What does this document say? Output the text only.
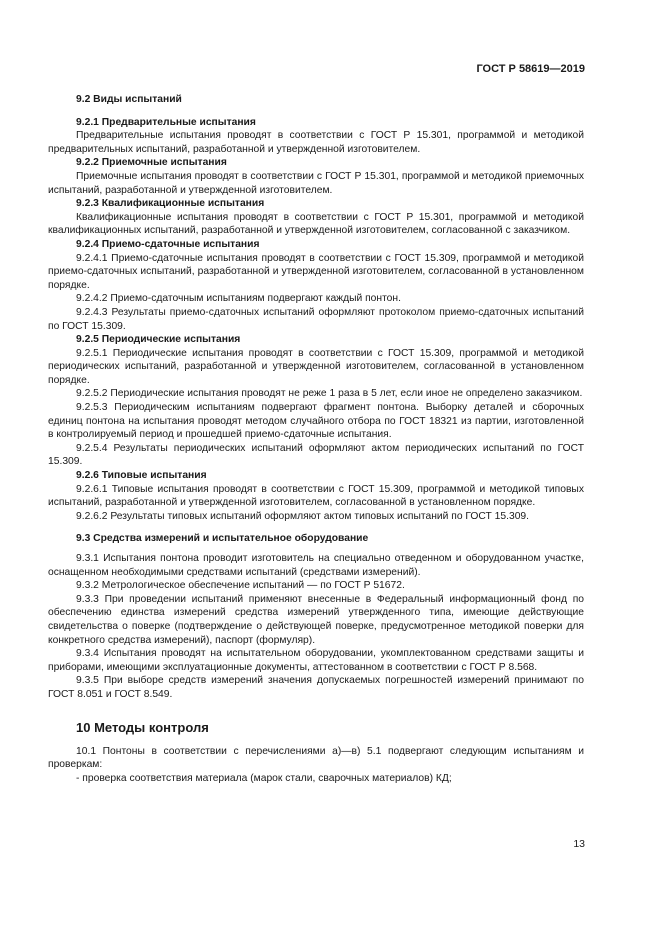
ГОСТ Р 58619—2019

9.2 Виды испытаний

9.2.1 Предварительные испытания

Предварительные испытания проводят в соответствии с ГОСТ Р 15.301, программой и методикой предварительных испытаний, разработанной и утвержденной изготовителем.

9.2.2 Приемочные испытания

Приемочные испытания проводят в соответствии с ГОСТ Р 15.301, программой и методикой приемочных испытаний, разработанной и утвержденной изготовителем.

9.2.3 Квалификационные испытания

Квалификационные испытания проводят в соответствии с ГОСТ Р 15.301, программой и методикой квалификационных испытаний, разработанной и утвержденной изготовителем, согласованной с заказчиком.

9.2.4 Приемо-сдаточные испытания

9.2.4.1 Приемо-сдаточные испытания проводят в соответствии с ГОСТ 15.309, программой и методикой приемо-сдаточных испытаний, разработанной и утвержденной изготовителем, согласованной в установленном порядке.

9.2.4.2 Приемо-сдаточным испытаниям подвергают каждый понтон.

9.2.4.3 Результаты приемо-сдаточных испытаний оформляют протоколом приемо-сдаточных испытаний по ГОСТ 15.309.

9.2.5 Периодические испытания

9.2.5.1 Периодические испытания проводят в соответствии с ГОСТ 15.309, программой и методикой периодических испытаний, разработанной и утвержденной изготовителем, согласованной в установленном порядке.

9.2.5.2 Периодические испытания проводят не реже 1 раза в 5 лет, если иное не определено заказчиком.

9.2.5.3 Периодическим испытаниям подвергают фрагмент понтона. Выборку деталей и сборочных единиц понтона на испытания проводят методом случайного отбора по ГОСТ 18321 из партии, изготовленной в контролируемый период и прошедшей приемо-сдаточные испытания.

9.2.5.4 Результаты периодических испытаний оформляют актом периодических испытаний по ГОСТ 15.309.

9.2.6 Типовые испытания

9.2.6.1 Типовые испытания проводят в соответствии с ГОСТ 15.309, программой и методикой типовых испытаний, разработанной и утвержденной изготовителем, согласованной в установленном порядке.

9.2.6.2 Результаты типовых испытаний оформляют актом типовых испытаний по ГОСТ 15.309.

9.3 Средства измерений и испытательное оборудование

9.3.1 Испытания понтона проводит изготовитель на специально отведенном и оборудованном участке, оснащенном необходимыми средствами испытаний (средствами измерений).

9.3.2 Метрологическое обеспечение испытаний — по ГОСТ Р 51672.

9.3.3 При проведении испытаний применяют внесенные в Федеральный информационный фонд по обеспечению единства измерений средства измерений утвержденного типа, имеющие действующие свидетельства о поверке (подтверждение о действующей поверке, предусмотренное методикой поверки для конкретного средства измерений), паспорт (формуляр).

9.3.4 Испытания проводят на испытательном оборудовании, укомплектованном средствами защиты и приборами, имеющими эксплуатационные документы, аттестованном в соответствии с ГОСТ Р 8.568.

9.3.5 При выборе средств измерений значения допускаемых погрешностей измерений принимают по ГОСТ 8.051 и ГОСТ 8.549.

10 Методы контроля

10.1 Понтоны в соответствии с перечислениями а)—в) 5.1 подвергают следующим испытаниям и проверкам:

- проверка соответствия материала (марок стали, сварочных материалов) КД;

13
